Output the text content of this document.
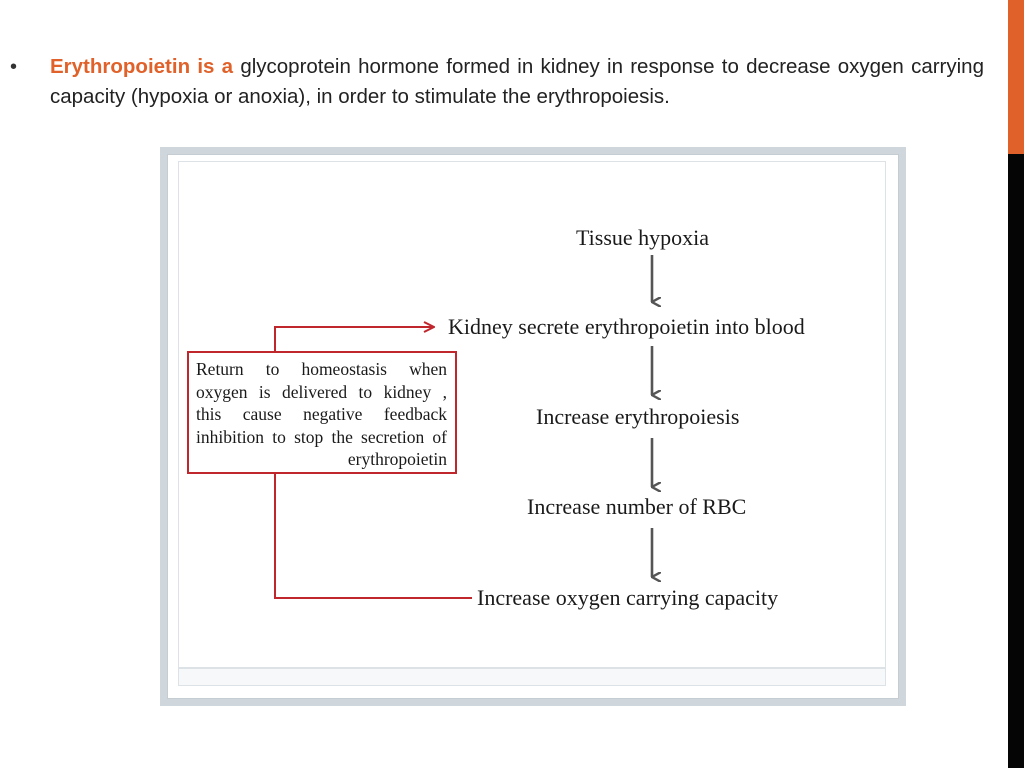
• Erythropoietin is a glycoprotein hormone formed in kidney in response to decrease oxygen carrying capacity (hypoxia or anoxia), in order to stimulate the erythropoiesis.
Tissue hypoxia
Kidney secrete erythropoietin into blood
Increase erythropoiesis
Increase number of RBC
Increase oxygen carrying capacity
Return to homeostasis when oxygen is delivered to kidney , this cause negative feedback inhibition to stop the secretion of erythropoietin
